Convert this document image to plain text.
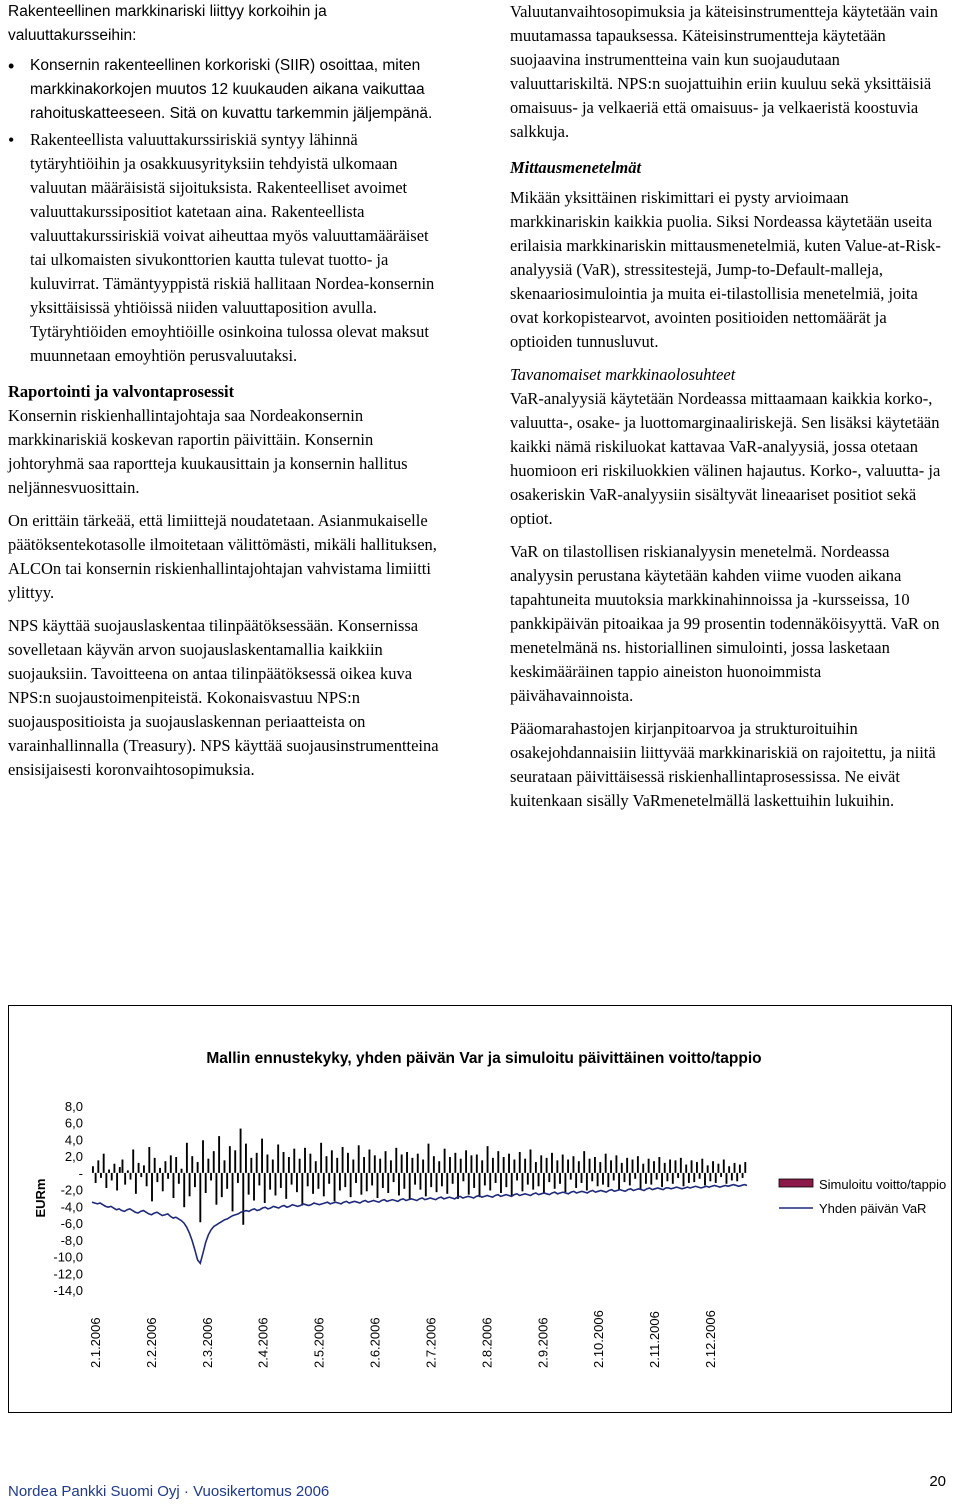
Rakenteellinen markkinariski liittyy korkoihin ja valuuttakursseihin:

• Konsernin rakenteellinen korkoriski (SIIR) osoittaa, miten markkinakorkojen muutos 12 kuukauden aikana vaikuttaa rahoituskatteeseen. Sitä on kuvattu tarkemmin jäljempänä.
• Rakenteellista valuuttakurssiriskiä syntyy lähinnä tytäryhtiöihin ja osakkuusyrityksiin tehdyistä ulkomaan valuutan määräisistä sijoituksista. Rakenteelliset avoimet valuuttakurssipositiot katetaan aina. Rakenteellista valuuttakurssiriskiä voivat aiheuttaa myös valuuttamääräiset tai ulkomaisten sivukonttorien kautta tulevat tuotto- ja kuluvirrat. Tämäntyyppistä riskiä hallitaan Nordea-konsernin yksittäisissä yhtiöissä niiden valuuttaposition avulla. Tytäryhtiöiden emoyhtiöille osinkoina tulossa olevat maksut muunnetaan emoyhtiön perusvaluutaksi.

Raportointi ja valvontaprosessit

Konsernin riskienhallintajohtaja saa Nordeakonsernin markkinariskiä koskevan raportin päivittäin. Konsernin johtoryhmä saa raportteja kuukausittain ja konsernin hallitus neljännesvuosittain.

On erittäin tärkeää, että limiittejä noudatetaan. Asianmukaiselle päätöksentekotasolle ilmoitetaan välittömästi, mikäli hallituksen, ALCOn tai konsernin riskienhallintajohtajan vahvistama limiitti ylittyy.

NPS käyttää suojauslaskentaa tilinpäätöksessään. Konsernissa sovelletaan käyvän arvon suojauslaskentamallia kaikkiin suojauksiin. Tavoitteena on antaa tilinpäätöksessä oikea kuva NPS:n suojaustoimenpiteistä. Kokonaisvastuu NPS:n suojauspositioista ja suojauslaskennan periaatteista on varainhallinnalla (Treasury). NPS käyttää suojausinstrumentteina ensisijaisesti koronvaihtosopimuksia.

Valuutanvaihtosopimuksia ja käteisinstrumentteja käytetään vain muutamassa tapauksessa. Käteisinstrumentteja käytetään suojaavina instrumentteina vain kun suojaudutaan valuuttariskiltä. NPS:n suojattuihin eriin kuuluu sekä yksittäisiä omaisuus- ja velkaeriä että omaisuus- ja velkaeristä koostuvia salkkuja.

Mittausmenetelmät

Mikään yksittäinen riskimittari ei pysty arvioimaan markkinariskin kaikkia puolia. Siksi Nordeassa käytetään useita erilaisia markkinariskin mittausmenetelmiä, kuten Value-at-Risk-analyysiä (VaR), stressitestejä, Jump-to-Default-malleja, skenaariosimulointia ja muita ei-tilastollisia menetelmiä, joita ovat korkopistearvot, avointen positioiden nettomäärät ja optioiden tunnusluvut.

Tavanomaiset markkinaolosuhteet

VaR-analyysiä käytetään Nordeassa mittaamaan kaikkia korko-, valuutta-, osake- ja luottomarginaaliriskejä. Sen lisäksi käytetään kaikki nämä riskiluokat kattavaa VaR-analyysiä, jossa otetaan huomioon eri riskiluokkien välinen hajautus. Korko-, valuutta- ja osakeriskin VaR-analyysiin sisältyvät lineaariset positiot sekä optiot.

VaR on tilastollisen riskianalyysin menetelmä. Nordeassa analyysin perustana käytetään kahden viime vuoden aikana tapahtuneita muutoksia markkinahinnoissa ja -kursseissa, 10 pankkipäivän pitoaikaa ja 99 prosentin todennäköisyyttä. VaR on menetelmänä ns. historiallinen simulointi, jossa lasketaan keskimääräinen tappio aineiston huonoimmista päivähavainnoista.

Pääomarahastojen kirjanpitoarvoa ja strukturoituihin osakejohdannaisiin liittyvää markkinariskiä on rajoitettu, ja niitä seurataan päivittäisessä riskienhallintaprosessissa. Ne eivät kuitenkaan sisälly VaRmenetelmällä laskettuihin lukuihin.

Mallin ennustekyky, yhden päivän Var ja simuloitu päivittäinen voitto/tappio
EURm
8,0
6,0
4,0
2,0
-
-2,0
-4,0
-6,0
-8,0
-10,0
-12,0
-14,0
2.1.2006	2.2.2006	2.3.2006	2.4.2006	2.5.2006	2.6.2006	2.7.2006	2.8.2006	2.9.2006	2.10.2006	2.11.2006	2.12.2006
Simuloitu voitto/tappio
Yhden päivän VaR
Nordea Pankki Suomi Oyj · Vuosikertomus 2006
20
